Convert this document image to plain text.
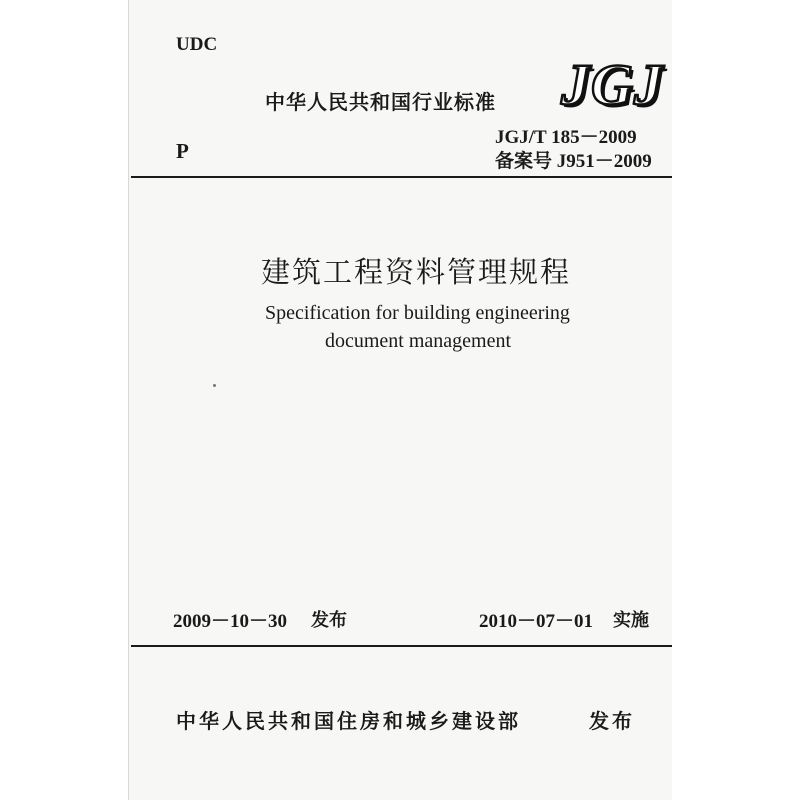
UDC
中华人民共和国行业标准 JGJ
P
JGJ/T 185－2009
备案号 J951－2009
建筑工程资料管理规程
Specification for building engineering
document management
2009－10－30 发布	2010－07－01 实施
中华人民共和国住房和城乡建设部	发布
